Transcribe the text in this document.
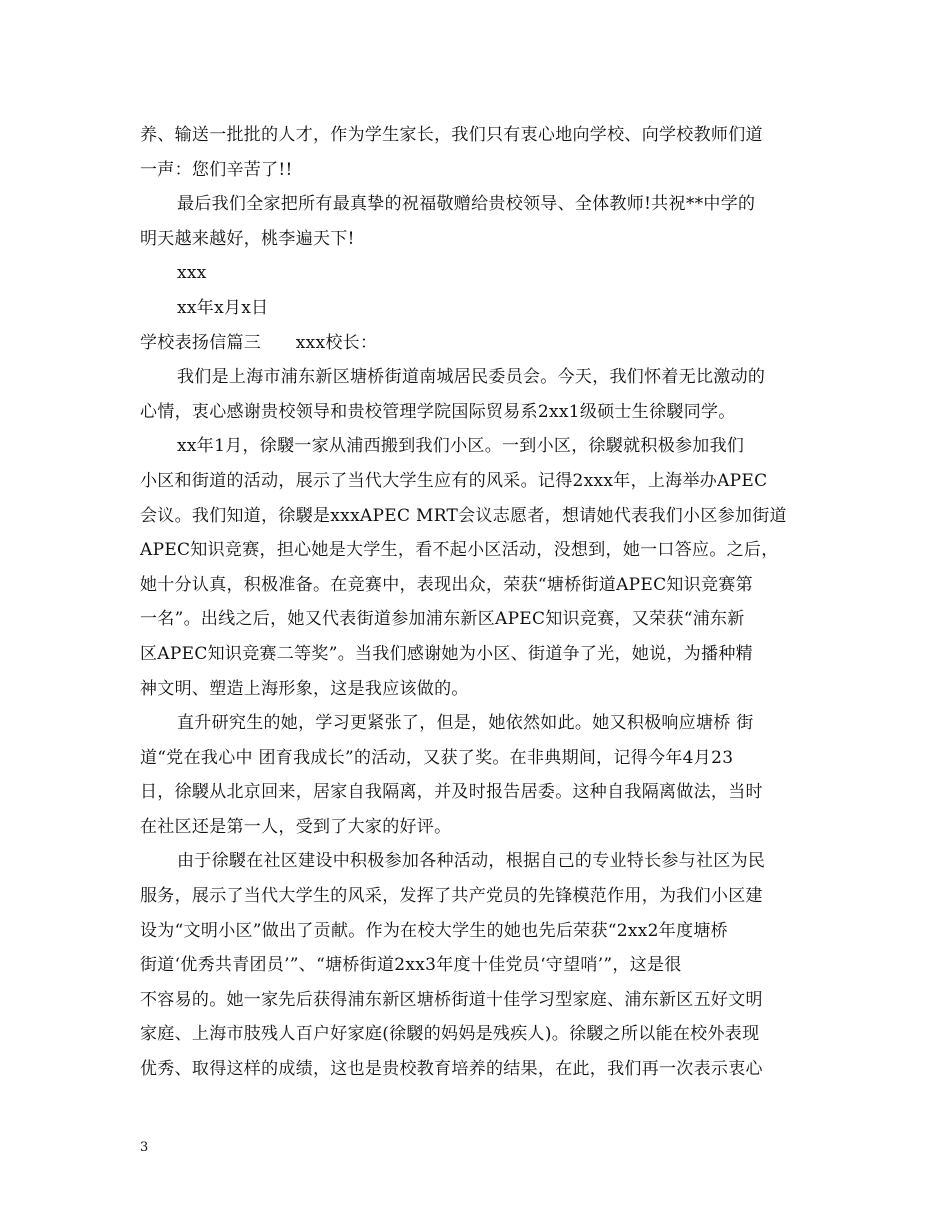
养、输送一批批的人才，作为学生家长，我们只有衷心地向学校、向学校教师们道
一声：您们辛苦了!!
最后我们全家把所有最真挚的祝福敬赠给贵校领导、全体教师!共祝**中学的
明天越来越好，桃李遍天下!
xxx
xx年x月x日
学校表扬信篇三　　xxx校长：
我们是上海市浦东新区塘桥街道南城居民委员会。今天，我们怀着无比激动的
心情，衷心感谢贵校领导和贵校管理学院国际贸易系2xx1级硕士生徐騣同学。
xx年1月，徐騣一家从浦西搬到我们小区。一到小区，徐騣就积极参加我们
小区和街道的活动，展示了当代大学生应有的风采。记得2xxx年，上海举办APEC
会议。我们知道，徐騣是xxxAPEC MRT会议志愿者，想请她代表我们小区参加街道
APEC知识竞赛，担心她是大学生，看不起小区活动，没想到，她一口答应。之后，
她十分认真，积极准备。在竞赛中，表现出众，荣获“塘桥街道APEC知识竞赛第
一名”。出线之后，她又代表街道参加浦东新区APEC知识竞赛，又荣获“浦东新
区APEC知识竞赛二等奖”。当我们感谢她为小区、街道争了光，她说，为播种精
神文明、塑造上海形象，这是我应该做的。
直升研究生的她，学习更紧张了，但是，她依然如此。她又积极响应塘桥 街
道“党在我心中 团育我成长”的活动，又获了奖。在非典期间，记得今年4月23
日，徐騣从北京回来，居家自我隔离，并及时报告居委。这种自我隔离做法，当时
在社区还是第一人，受到了大家的好评。
由于徐騣在社区建设中积极参加各种活动，根据自己的专业特长参与社区为民
服务，展示了当代大学生的风采，发挥了共产党员的先锋模范作用，为我们小区建
设为“文明小区”做出了贡献。作为在校大学生的她也先后荣获“2xx2年度塘桥
街道‘优秀共青团员’”、“塘桥街道2xx3年度十佳党员‘守望哨’”，这是很
不容易的。她一家先后获得浦东新区塘桥街道十佳学习型家庭、浦东新区五好文明
家庭、上海市肢残人百户好家庭(徐騣的妈妈是残疾人)。徐騣之所以能在校外表现
优秀、取得这样的成绩，这也是贵校教育培养的结果，在此，我们再一次表示衷心
3
